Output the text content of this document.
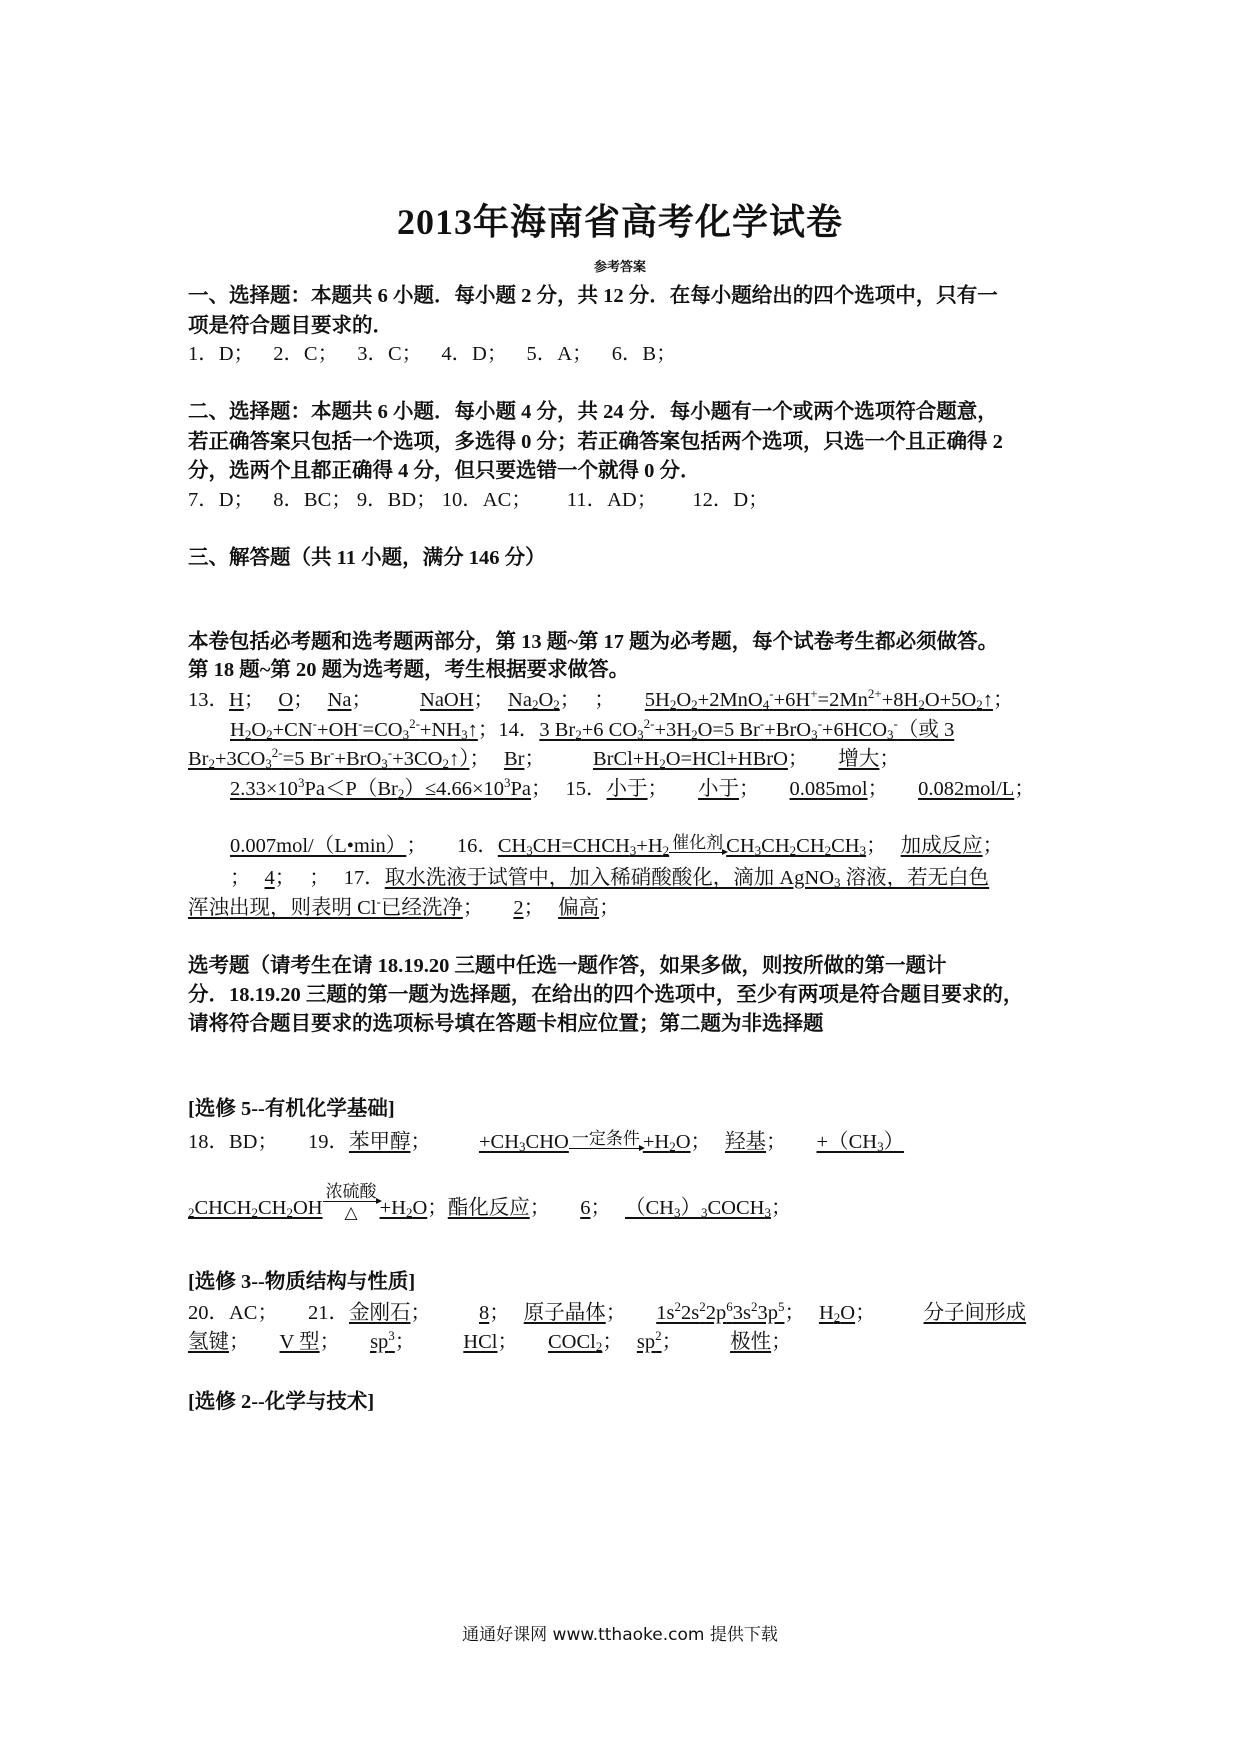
2013年海南省高考化学试卷
参考答案
一、选择题：本题共 6 小题．每小题 2 分，共 12 分．在每小题给出的四个选项中，只有一
项是符合题目要求的．
1．D； 2．C； 3．C； 4．D； 5．A； 6．B；
二、选择题：本题共 6 小题．每小题 4 分，共 24 分．每小题有一个或两个选项符合题意，
若正确答案只包括一个选项，多选得 0 分；若正确答案包括两个选项，只选一个且正确得 2
分，选两个且都正确得 4 分，但只要选错一个就得 0 分．
7．D； 8．BC； 9．BD； 10．AC； 11．AD； 12．D；
三、解答题（共 11 小题，满分 146 分）
本卷包括必考题和选考题两部分，第 13 题~第 17 题为必考题，每个试卷考生都必须做答。
第 18 题~第 20 题为选考题，考生根据要求做答。
13．H； O； Na； NaOH； $Na_2O_2$； ； $5H_2O_2+2MnO_4^-+6H^+=2Mn^{2+}+8H_2O+5O_2↑$；
$H_2O_2+CN^-+OH^-=CO_3^{2-}+NH_3↑$；14．3 $Br_2+6$ $CO_3^{2-}+3H_2O=5$ $Br^-+BrO_3^-+6HCO_3^-$（或 3
$Br_2+3CO_3^{2-}=5$ $Br^-+BrO_3^-+3CO_2↑$）； Br； $BrCl+H_2O=HCl+HBrO$； 增大；
$2.33\times 10^3Pa<P(Br_2)\le 4.66\times 10^3Pa$； 15．小于； 小于； 0.085mol； 0.082mol/L；
0.007mol/（L•min）； 16．$CH_3CH=CHCH_3+H_2$ 催化剂 $CH_3CH_2CH_2CH_3$； 加成反应；
； 4； ； 17．取水洗液于试管中，加入稀硝酸酸化，滴加 AgNO$_3$ 溶液，若无白色
浑浊出现，则表明 Cl-已经洗净； 2； 偏高；
选考题（请考生在请 18.19.20 三题中任选一题作答，如果多做，则按所做的第一题计
分．18.19.20 三题的第一题为选择题，在给出的四个选项中，至少有两项是符合题目要求的，
请将符合题目要求的选项标号填在答题卡相应位置；第二题为非选择题
[选修 5--有机化学基础]
18．BD； 19．苯甲醇； $+CH_3CHO$ 一定条件 $+H_2O$； 羟基； $+(CH_3)$
$_2CHCH_2CH_2OH$
浓硫酸
△	$+H_2O$；酯化反应； 6； $(CH_3)_3COCH_3$；
[选修 3--物质结构与性质]
20．AC； 21．金刚石； 8； 原子晶体； $1s^22s^22p^63s^23p^5$； $H_2O$； 分子间形成
氢键； V 型； $sp^3$； HCl； COCl$_2$； $sp^2$； 极性；
[选修 2--化学与技术]
通通好课网 www.tthaoke.com 提供下载
